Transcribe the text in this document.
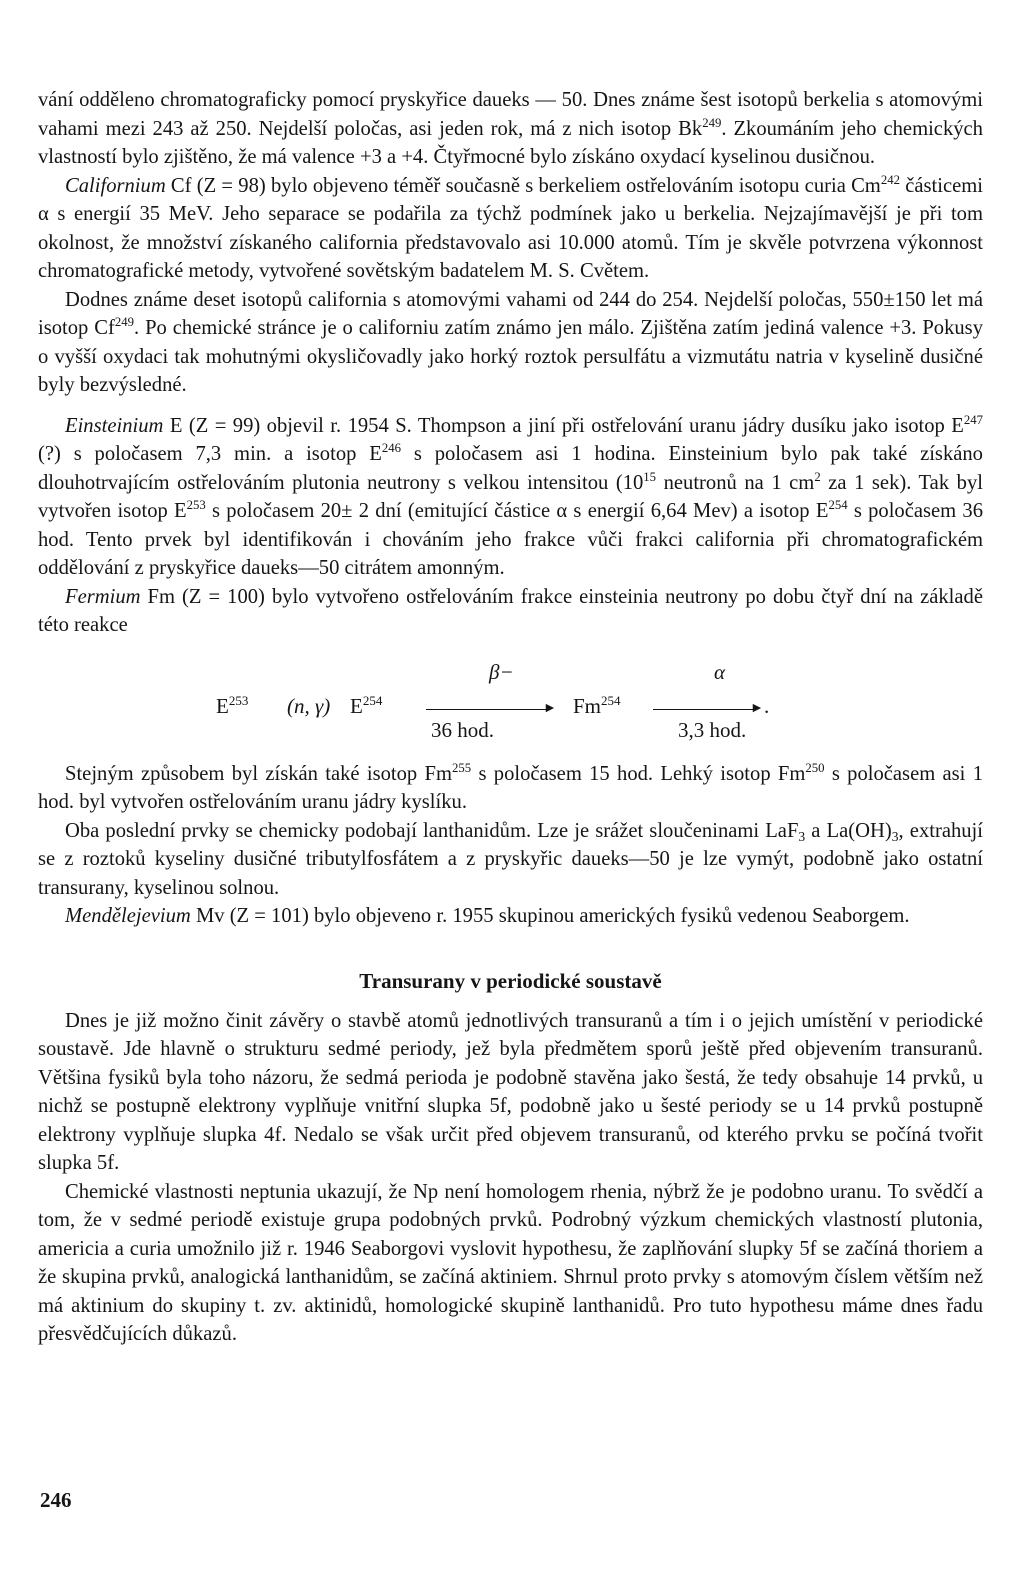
vání odděleno chromatograficky pomocí pryskyřice daueks — 50. Dnes známe šest isotopů berkelia s atomovými vahami mezi 243 až 250. Nejdelší poločas, asi jeden rok, má z nich isotop Bk$^{249}$. Zkoumáním jeho chemických vlastností bylo zjištěno, že má valence +3 a +4. Čtyřmocné bylo získáno oxydací kyselinou dusičnou.

Californium Cf (Z = 98) bylo objeveno téměř současně s berkeliem ostřelováním isotopu curia Cm$^{242}$ částicemi α s energií 35 MeV. Jeho separace se podařila za týchž podmínek jako u berkelia. Nejzajímavější je při tom okolnost, že množství získaného california představovalo asi 10.000 atomů. Tím je skvěle potvrzena výkonnost chromatografické metody, vytvořené sovětským badatelem M. S. Cvětem.

Dodnes známe deset isotopů california s atomovými vahami od 244 do 254. Nejdelší poločas, 550±150 let má isotop Cf$^{249}$. Po chemické stránce je o californiu zatím známo jen málo. Zjištěna zatím jediná valence +3. Pokusy o vyšší oxydaci tak mohutnými okysličovadly jako horký roztok persulfátu a vizmutátu natria v kyselině dusičné byly bezvýsledné.

Einsteinium E (Z = 99) objevil r. 1954 S. Thompson a jiní při ostřelování uranu jádry dusíku jako isotop $E^{247}$ (?) s poločasem 7,3 min. a isotop $E^{246}$ s poločasem asi 1 hodina. Einsteinium bylo pak také získáno dlouhotrvajícím ostřelováním plutonia neutrony s velkou intensitou ($10^{15}$ neutronů na 1 $cm^2$ za 1 sek). Tak byl vytvořen isotop $E^{253}$ s poločasem 20± 2 dní (emitující částice α s energií 6,64 Mev) a isotop $E^{254}$ s poločasem 36 hod. Tento prvek byl identifikován i chováním jeho frakce vůči frakci california při chromatografickém oddělování z pryskyřice daueks—50 citrátem amonným.

Fermium Fm (Z = 100) bylo vytvořeno ostřelováním frakce einsteinia neutrony po dobu čtyř dní na základě této reakce

$E^{253}$ (n, γ) $E^{254}$
β−
►
36 hod.
Fm$^{254}$
α
► .
3,3 hod.

Stejným způsobem byl získán také isotop Fm$^{255}$ s poločasem 15 hod. Lehký isotop Fm$^{250}$ s poločasem asi 1 hod. byl vytvořen ostřelováním uranu jádry kyslíku.

Oba poslední prvky se chemicky podobají lanthanidům. Lze je srážet sloučeninami LaF$_3$ a $La(OH)_3$, extrahují se z roztoků kyseliny dusičné tributylfosfátem a z pryskyřic daueks—50 je lze vymýt, podobně jako ostatní transurany, kyselinou solnou.

Mendělejevium Mv (Z = 101) bylo objeveno r. 1955 skupinou amerických fysiků vedenou Seaborgem.

Transurany v periodické soustavě

Dnes je již možno činit závěry o stavbě atomů jednotlivých transuranů a tím i o jejich umístění v periodické soustavě. Jde hlavně o strukturu sedmé periody, jež byla předmětem sporů ještě před objevením transuranů. Většina fysiků byla toho názoru, že sedmá perioda je podobně stavěna jako šestá, že tedy obsahuje 14 prvků, u nichž se postupně elektrony vyplňuje vnitřní slupka 5f, podobně jako u šesté periody se u 14 prvků postupně elektrony vyplňuje slupka 4f. Nedalo se však určit před objevem transuranů, od kterého prvku se počíná tvořit slupka 5f.

Chemické vlastnosti neptunia ukazují, že Np není homologem rhenia, nýbrž že je podobno uranu. To svědčí a tom, že v sedmé periodě existuje grupa podobných prvků. Podrobný výzkum chemických vlastností plutonia, americia a curia umožnilo již r. 1946 Seaborgovi vyslovit hypothesu, že zaplňování slupky 5f se začíná thoriem a že skupina prvků, analogická lanthanidům, se začíná aktiniem. Shrnul proto prvky s atomovým číslem větším než má aktinium do skupiny t. zv. aktinidů, homologické skupině lanthanidů. Pro tuto hypothesu máme dnes řadu přesvědčujících důkazů.

246
